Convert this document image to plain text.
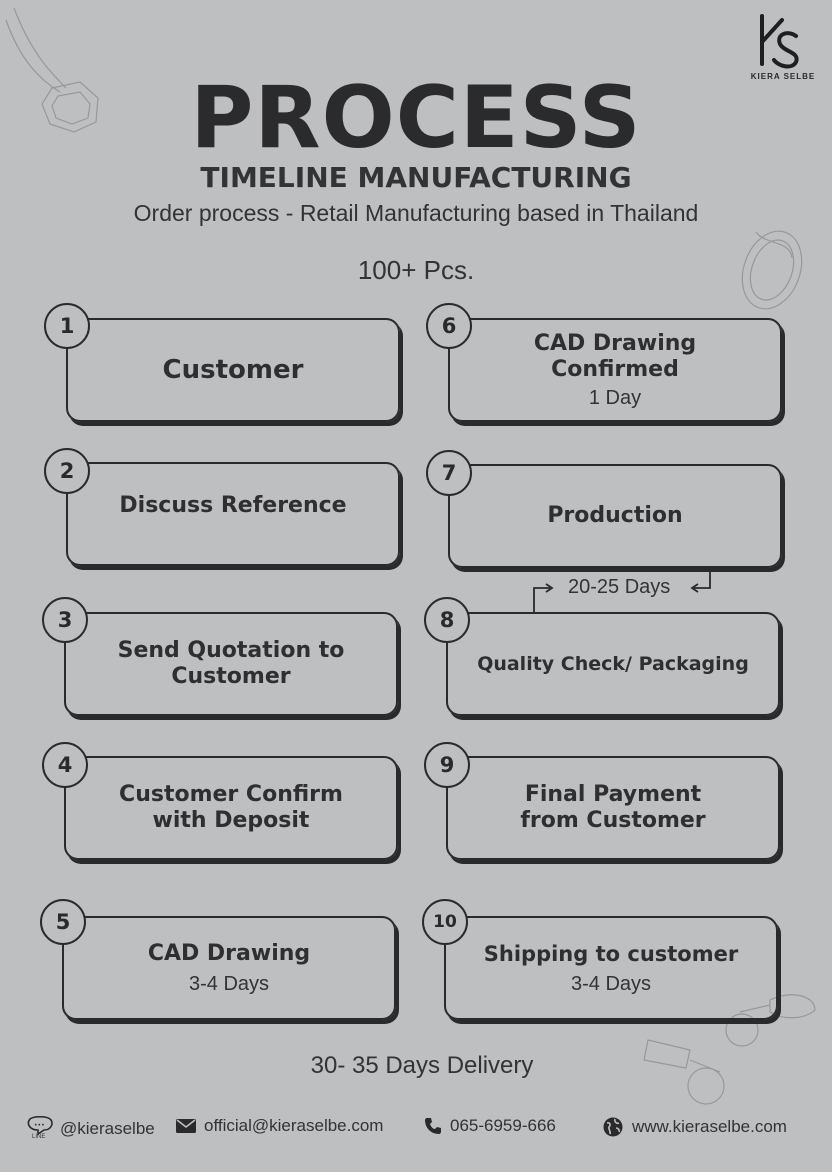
KIERA SELBE
PROCESS
TIMELINE MANUFACTURING
Order process - Retail Manufacturing based in Thailand
100+ Pcs.
Customer
1
Discuss Reference
2
Send Quotation to Customer
3
Customer Confirm with Deposit
4
CAD Drawing
3-4 Days
5
CAD Drawing Confirmed
1 Day
6
Production
7
20-25 Days
Quality Check/ Packaging
8
Final Payment from Customer
9
Shipping to customer
3-4 Days
10
30- 35 Days Delivery
•••
LINE @kieraselbe	official@kieraselbe.com	065-6959-666	www.kieraselbe.com
